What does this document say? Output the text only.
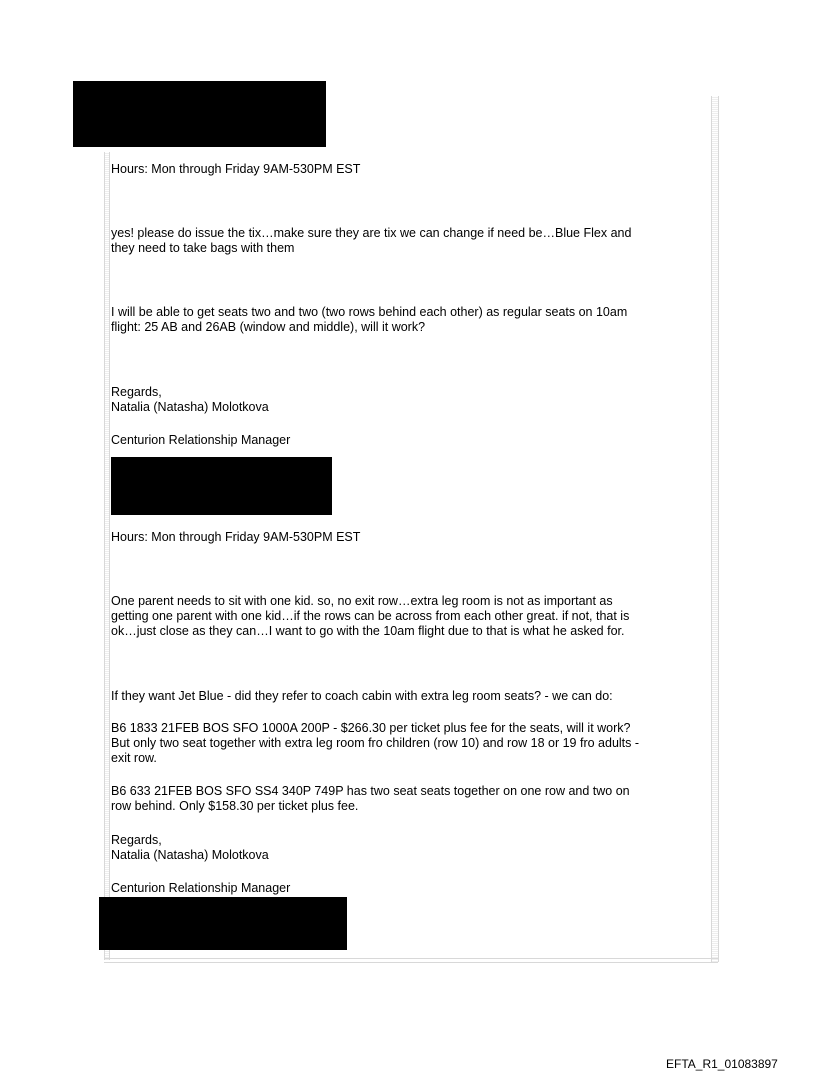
Hours: Mon through Friday 9AM-530PM EST
yes! please do issue the tix…make sure they are tix we can change if need be…Blue Flex and
they need to take bags with them
I will be able to get seats two and two (two rows behind each other) as regular seats on 10am
flight: 25 AB and 26AB (window and middle), will it work?
Regards,
Natalia (Natasha) Molotkova
Centurion Relationship Manager
Hours: Mon through Friday 9AM-530PM EST
One parent needs to sit with one kid. so, no exit row…extra leg room is not as important as
getting one parent with one kid…if the rows can be across from each other great. if not, that is
ok…just close as they can…I want to go with the 10am flight due to that is what he asked for.
If they want Jet Blue - did they refer to coach cabin with extra leg room seats? - we can do:
B6 1833 21FEB BOS SFO 1000A 200P - $266.30 per ticket plus fee for the seats, will it work?
But only two seat together with extra leg room fro children (row 10) and row 18 or 19 fro adults -
exit row.
B6 633 21FEB BOS SFO SS4 340P 749P has two seat seats together on one row and two on
row behind. Only $158.30 per ticket plus fee.
Regards,
Natalia (Natasha) Molotkova
Centurion Relationship Manager
EFTA_R1_01083897
